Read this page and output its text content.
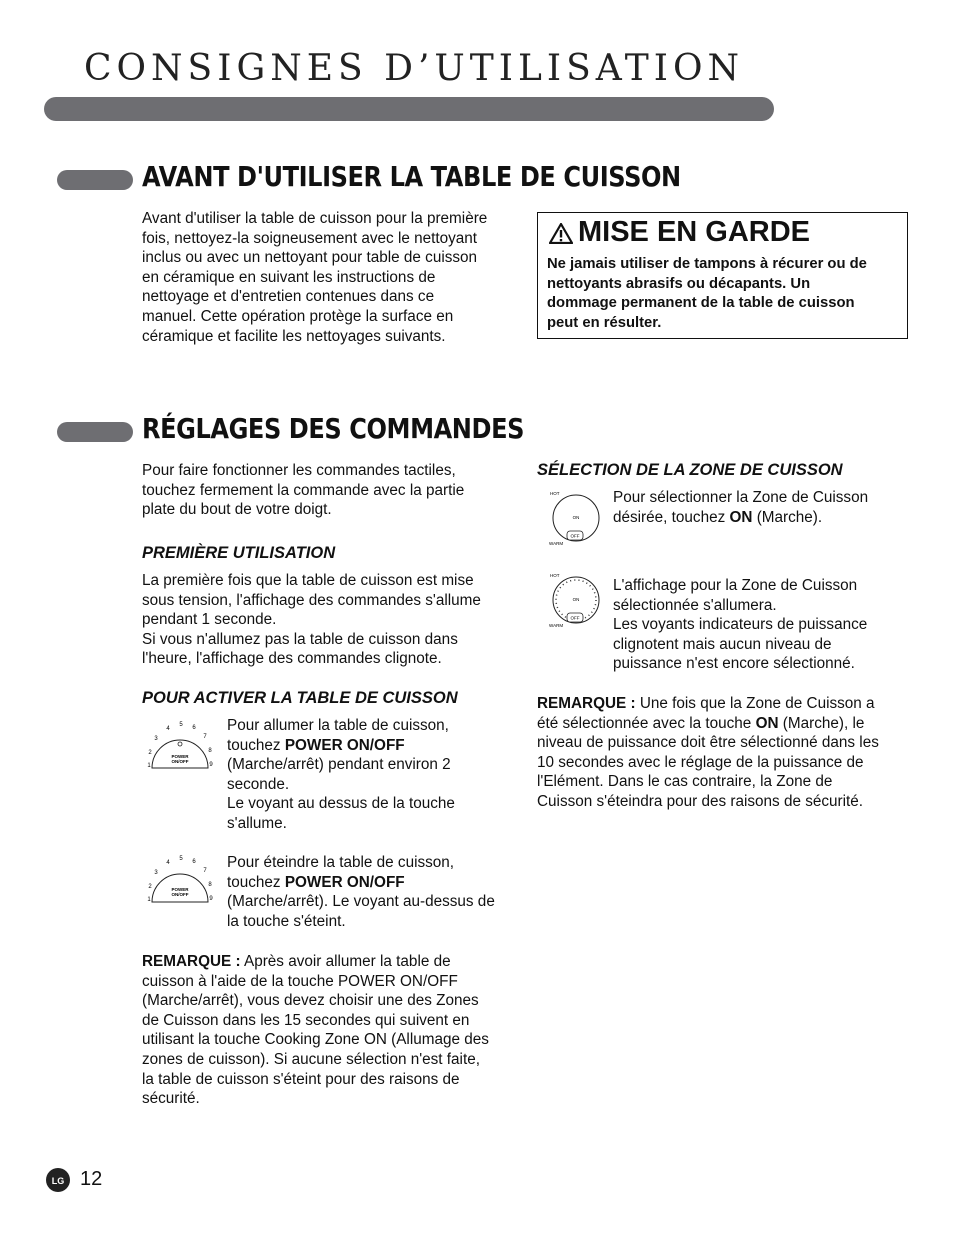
CONSIGNES D’UTILISATION
AVANT D'UTILISER LA TABLE DE CUISSON
Avant d'utiliser la table de cuisson pour la première
fois, nettoyez-la soigneusement avec le nettoyant
inclus ou avec un nettoyant pour table de cuisson
en céramique en suivant les instructions de
nettoyage et d'entretien contenues dans ce
manuel. Cette opération protège la surface en
céramique et facilite les nettoyages suivants.
MISE EN GARDE
Ne jamais utiliser de tampons à récurer ou de
nettoyants abrasifs ou décapants. Un
dommage permanent de la table de cuisson
peut en résulter.
RÉGLAGES DES COMMANDES
Pour faire fonctionner les commandes tactiles,
touchez fermement la commande avec la partie
plate du bout de votre doigt.
PREMIÈRE UTILISATION
La première fois que la table de cuisson est mise
sous tension, l'affichage des commandes s'allume
pendant 1 seconde.
Si vous n'allumez pas la table de cuisson dans
l'heure, l'affichage des commandes clignote.
POUR ACTIVER LA TABLE DE CUISSON
POWER
ON/OFF
1
2
3
4
5 6
7
8
9
Pour allumer la table de cuisson,
touchez POWER ON/OFF
(Marche/arrêt) pendant environ 2
seconde.
Le voyant au dessus de la touche
s'allume.
POWER
ON/OFF
1
2
3
4
5 6
7
8
9
Pour éteindre la table de cuisson,
touchez POWER ON/OFF
(Marche/arrêt). Le voyant au-dessus de
la touche s'éteint.
REMARQUE : Après avoir allumer la table de
cuisson à l'aide de la touche POWER ON/OFF
(Marche/arrêt), vous devez choisir une des Zones
de Cuisson dans les 15 secondes qui suivent en
utilisant la touche Cooking Zone ON (Allumage des
zones de cuisson). Si aucune sélection n'est faite,
la table de cuisson s'éteint pour des raisons de
sécurité.
SÉLECTION DE LA ZONE DE CUISSON
HOT
ON
OFF
WARM
Pour sélectionner la Zone de Cuisson
désirée, touchez ON (Marche).
HOT
ON
OFF
WARM
L'affichage pour la Zone de Cuisson
sélectionnée s'allumera.
Les voyants indicateurs de puissance
clignotent mais aucun niveau de
puissance n'est encore sélectionné.
REMARQUE : Une fois que la Zone de Cuisson a
été sélectionnée avec la touche ON (Marche), le
niveau de puissance doit être sélectionné dans les
10 secondes avec le réglage de la puissance de
l'Elément. Dans le cas contraire, la Zone de
Cuisson s'éteindra pour des raisons de sécurité.
LG 12
